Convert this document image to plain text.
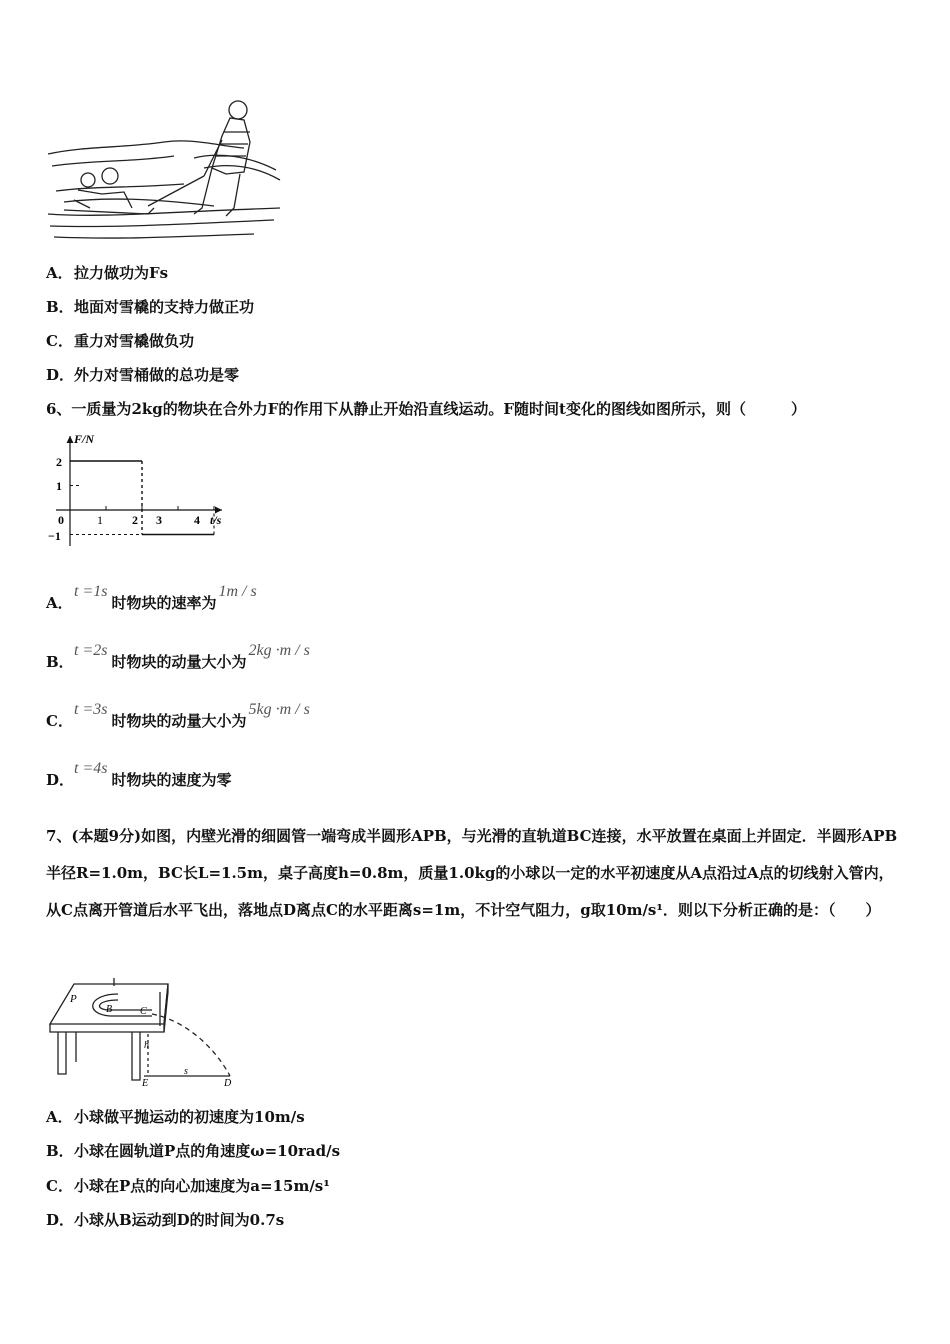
A．拉力做功为Fs
B．地面对雪橇的支持力做正功
C．重力对雪橇做负功
D．外力对雪桶做的总功是零
6、一质量为2kg的物块在合外力F的作用下从静止开始沿直线运动。F随时间t变化的图线如图所示，则（　　　）
F/N
t/s
0	1 2 3	4
2
1
−1
A．t =1s时物块的速率为1m / s
B．t =2s时物块的动量大小为2kg ·m / s
C．t =3s时物块的动量大小为5kg ·m / s
D．t =4s时物块的速度为零
7、(本题9分)如图，内壁光滑的细圆管一端弯成半圆形APB，与光滑的直轨道BC连接，水平放置在桌面上并固定．半圆形APB半径R=1.0m，BC长L=1.5m，桌子高度h=0.8m，质量1.0kg的小球以一定的水平初速度从A点沿过A点的切线射入管内，从C点离开管道后水平飞出，落地点D离点C的水平距离s=1m，不计空气阻力，g取10m/s¹．则以下分析正确的是：（　　）
P
B	C
h
E
s
D
A．小球做平抛运动的初速度为10m/s
B．小球在圆轨道P点的角速度ω=10rad/s
C．小球在P点的向心加速度为a=15m/s¹
D．小球从B运动到D的时间为0.7s
